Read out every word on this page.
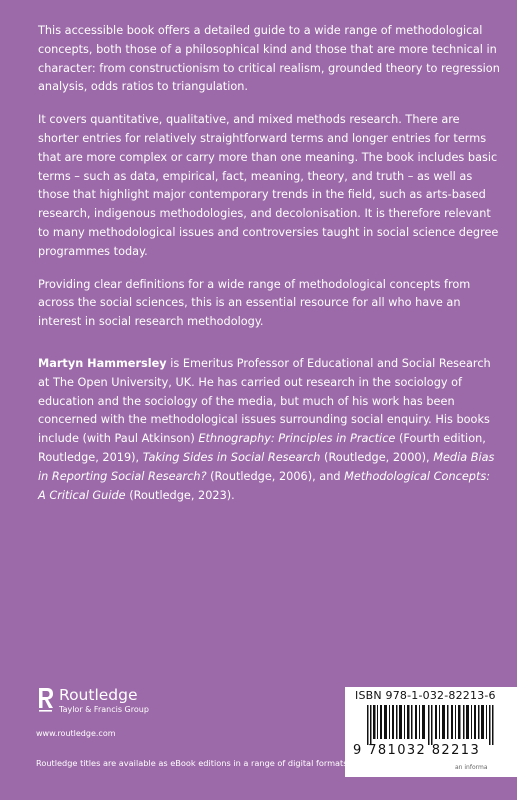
This accessible book offers a detailed guide to a wide range of methodological concepts, both those of a philosophical kind and those that are more technical in character: from constructionism to critical realism, grounded theory to regression analysis, odds ratios to triangulation.

It covers quantitative, qualitative, and mixed methods research. There are shorter entries for relatively straightforward terms and longer entries for terms that are more complex or carry more than one meaning. The book includes basic terms – such as data, empirical, fact, meaning, theory, and truth – as well as those that highlight major contemporary trends in the field, such as arts-based research, indigenous methodologies, and decolonisation. It is therefore relevant to many methodological issues and controversies taught in social science degree programmes today.

Providing clear definitions for a wide range of methodological concepts from across the social sciences, this is an essential resource for all who have an interest in social research methodology.

Martyn Hammersley is Emeritus Professor of Educational and Social Research at The Open University, UK. He has carried out research in the sociology of education and the sociology of the media, but much of his work has been concerned with the methodological issues surrounding social enquiry. His books include (with Paul Atkinson) Ethnography: Principles in Practice (Fourth edition, Routledge, 2019), Taking Sides in Social Research (Routledge, 2000), Media Bias in Reporting Social Research? (Routledge, 2006), and Methodological Concepts: A Critical Guide (Routledge, 2023).

Routledge
Taylor & Francis Group
www.routledge.com
ISBN 978-1-032-82213-6
9 781032 82213
an informa
Routledge titles are available as eBook editions in a range of digital formats
